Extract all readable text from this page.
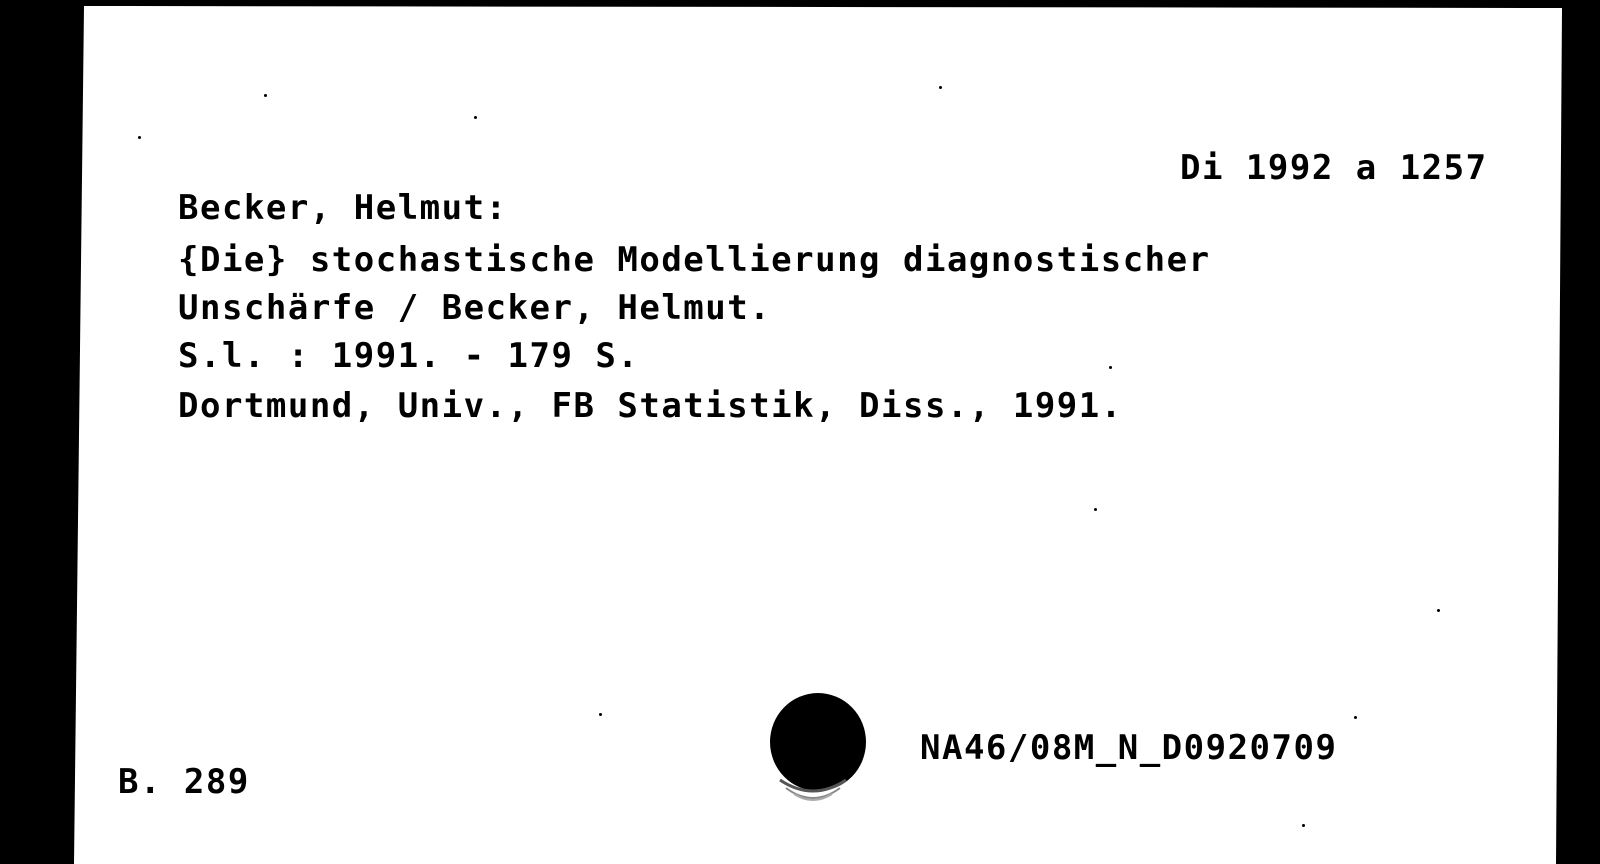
Di 1992 a 1257
Becker, Helmut:
{Die} stochastische Modellierung diagnostischer
Unschärfe / Becker, Helmut.
S.l. : 1991. - 179 S.
Dortmund, Univ., FB Statistik, Diss., 1991.
B. 289
NA46/08M_N_D0920709
